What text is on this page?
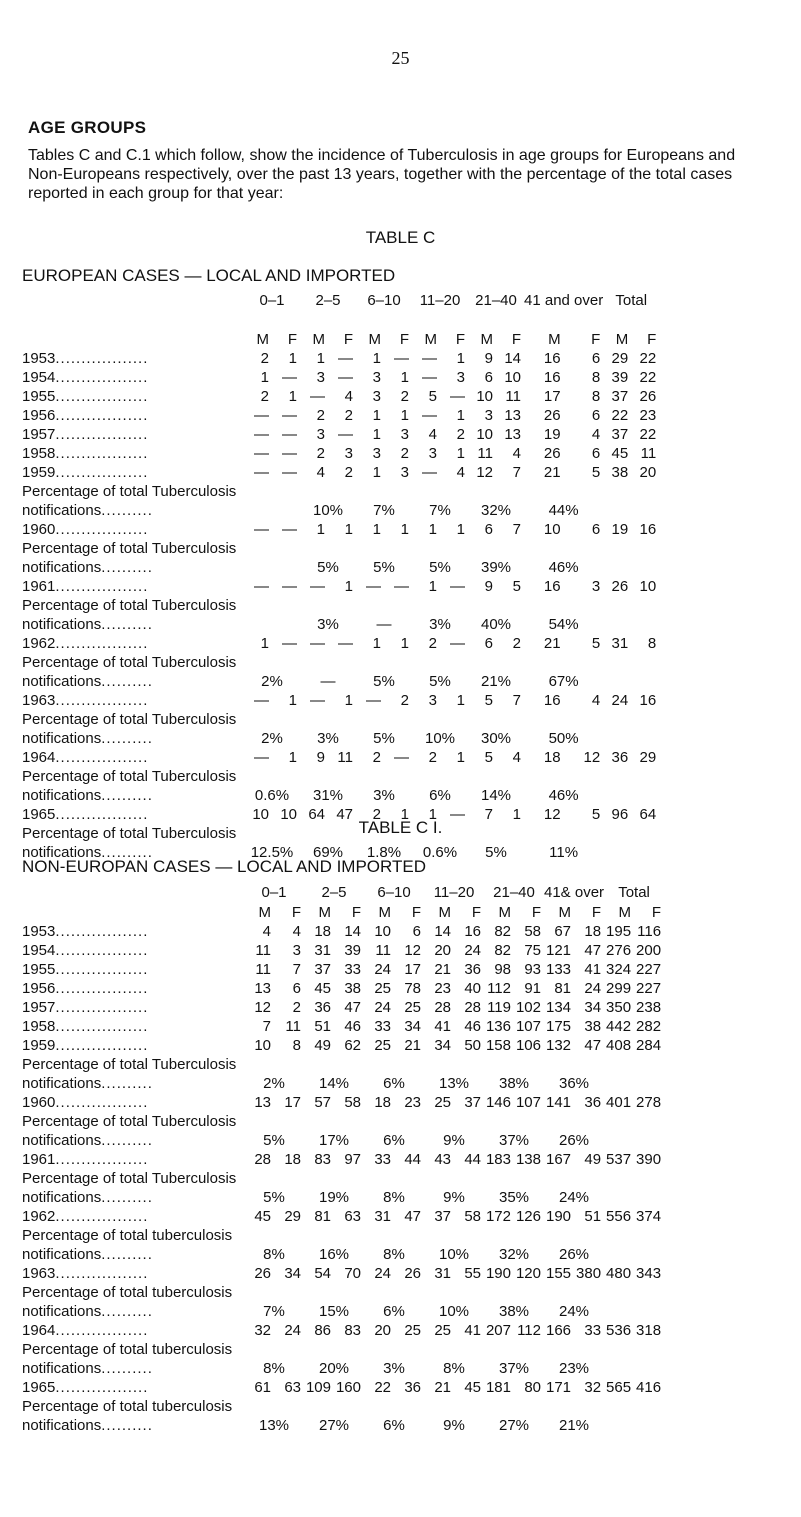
25
AGE GROUPS
Tables C and C.1 which follow, show the incidence of Tuberculosis in age groups for Europeans and Non-Europeans respectively, over the past 13 years, together with the percentage of the total cases reported in each group for that year:
TABLE C
EUROPEAN CASES — LOCAL AND IMPORTED
	0–1		2–5		6–10		11–20		21–40		41 and over		Total	
	M	F	M	F	M	F	M	F	M	F	M	F	M	F
1953..................	2	1	1	—	1	—	—	1	9	14	16	6	29	22
1954..................	1	—	3	—	3	1	—	3	6	10	16	8	39	22
1955..................	2	1	—	4	3	2	5	—	10	11	17	8	37	26
1956..................	—	—	2	2	1	1	—	1	3	13	26	6	22	23
1957..................	—	—	3	—	1	3	4	2	10	13	19	4	37	22
1958..................	—	—	2	3	3	2	3	1	11	4	26	6	45	11
1959..................	—	—	4	2	1	3	—	4	12	7	21	5	38	20
Percentage of total Tuberculosis														
notifications..........			10%		7%		7%		32%		44%			
1960..................	—	—	1	1	1	1	1	1	6	7	10	6	19	16
Percentage of total Tuberculosis														
notifications..........			5%		5%		5%		39%		46%			
1961..................	—	—	—	1	—	—	1	—	9	5	16	3	26	10
Percentage of total Tuberculosis														
notifications..........			3%		—		3%		40%		54%			
1962..................	1	—	—	—	1	1	2	—	6	2	21	5	31	8
Percentage of total Tuberculosis														
notifications..........	2%		—		5%		5%		21%		67%			
1963..................	—	1	—	1	—	2	3	1	5	7	16	4	24	16
Percentage of total Tuberculosis														
notifications..........	2%		3%		5%		10%		30%		50%			
1964..................	—	1	9	11	2	—	2	1	5	4	18	12	36	29
Percentage of total Tuberculosis														
notifications..........	0.6%		31%		3%		6%		14%		46%			
1965..................	10	10	64	47	2	1	1	—	7	1	12	5	96	64
Percentage of total Tuberculosis														
notifications..........	12.5%		69%		1.8%		0.6%		5%		11%			
TABLE C I.
NON-EUROPAN CASES — LOCAL AND IMPORTED
	0–1		2–5		6–10		11–20		21–40		41& over		Total	
	M	F	M	F	M	F	M	F	M	F	M	F	M	F
1953..................	4	4	18	14	10	6	14	16	82	58	67	18	195	116
1954..................	11	3	31	39	11	12	20	24	82	75	121	47	276	200
1955..................	11	7	37	33	24	17	21	36	98	93	133	41	324	227
1956..................	13	6	45	38	25	78	23	40	112	91	81	24	299	227
1957..................	12	2	36	47	24	25	28	28	119	102	134	34	350	238
1958..................	7	11	51	46	33	34	41	46	136	107	175	38	442	282
1959..................	10	8	49	62	25	21	34	50	158	106	132	47	408	284
Percentage of total Tuberculosis														
notifications..........	2%		14%		6%		13%		38%		36%			
1960..................	13	17	57	58	18	23	25	37	146	107	141	36	401	278
Percentage of total Tuberculosis														
notifications..........	5%		17%		6%		9%		37%		26%			
1961..................	28	18	83	97	33	44	43	44	183	138	167	49	537	390
Percentage of total Tuberculosis														
notifications..........	5%		19%		8%		9%		35%		24%			
1962..................	45	29	81	63	31	47	37	58	172	126	190	51	556	374
Percentage of total tuberculosis														
notifications..........	8%		16%		8%		10%		32%		26%			
1963..................	26	34	54	70	24	26	31	55	190	120	155	380	480	343
Percentage of total tuberculosis														
notifications..........	7%		15%		6%		10%		38%		24%			
1964..................	32	24	86	83	20	25	25	41	207	112	166	33	536	318
Percentage of total tuberculosis														
notifications..........	8%		20%		3%		8%		37%		23%			
1965..................	61	63	109	160	22	36	21	45	181	80	171	32	565	416
Percentage of total tuberculosis														
notifications..........	13%		27%		6%		9%		27%		21%			
